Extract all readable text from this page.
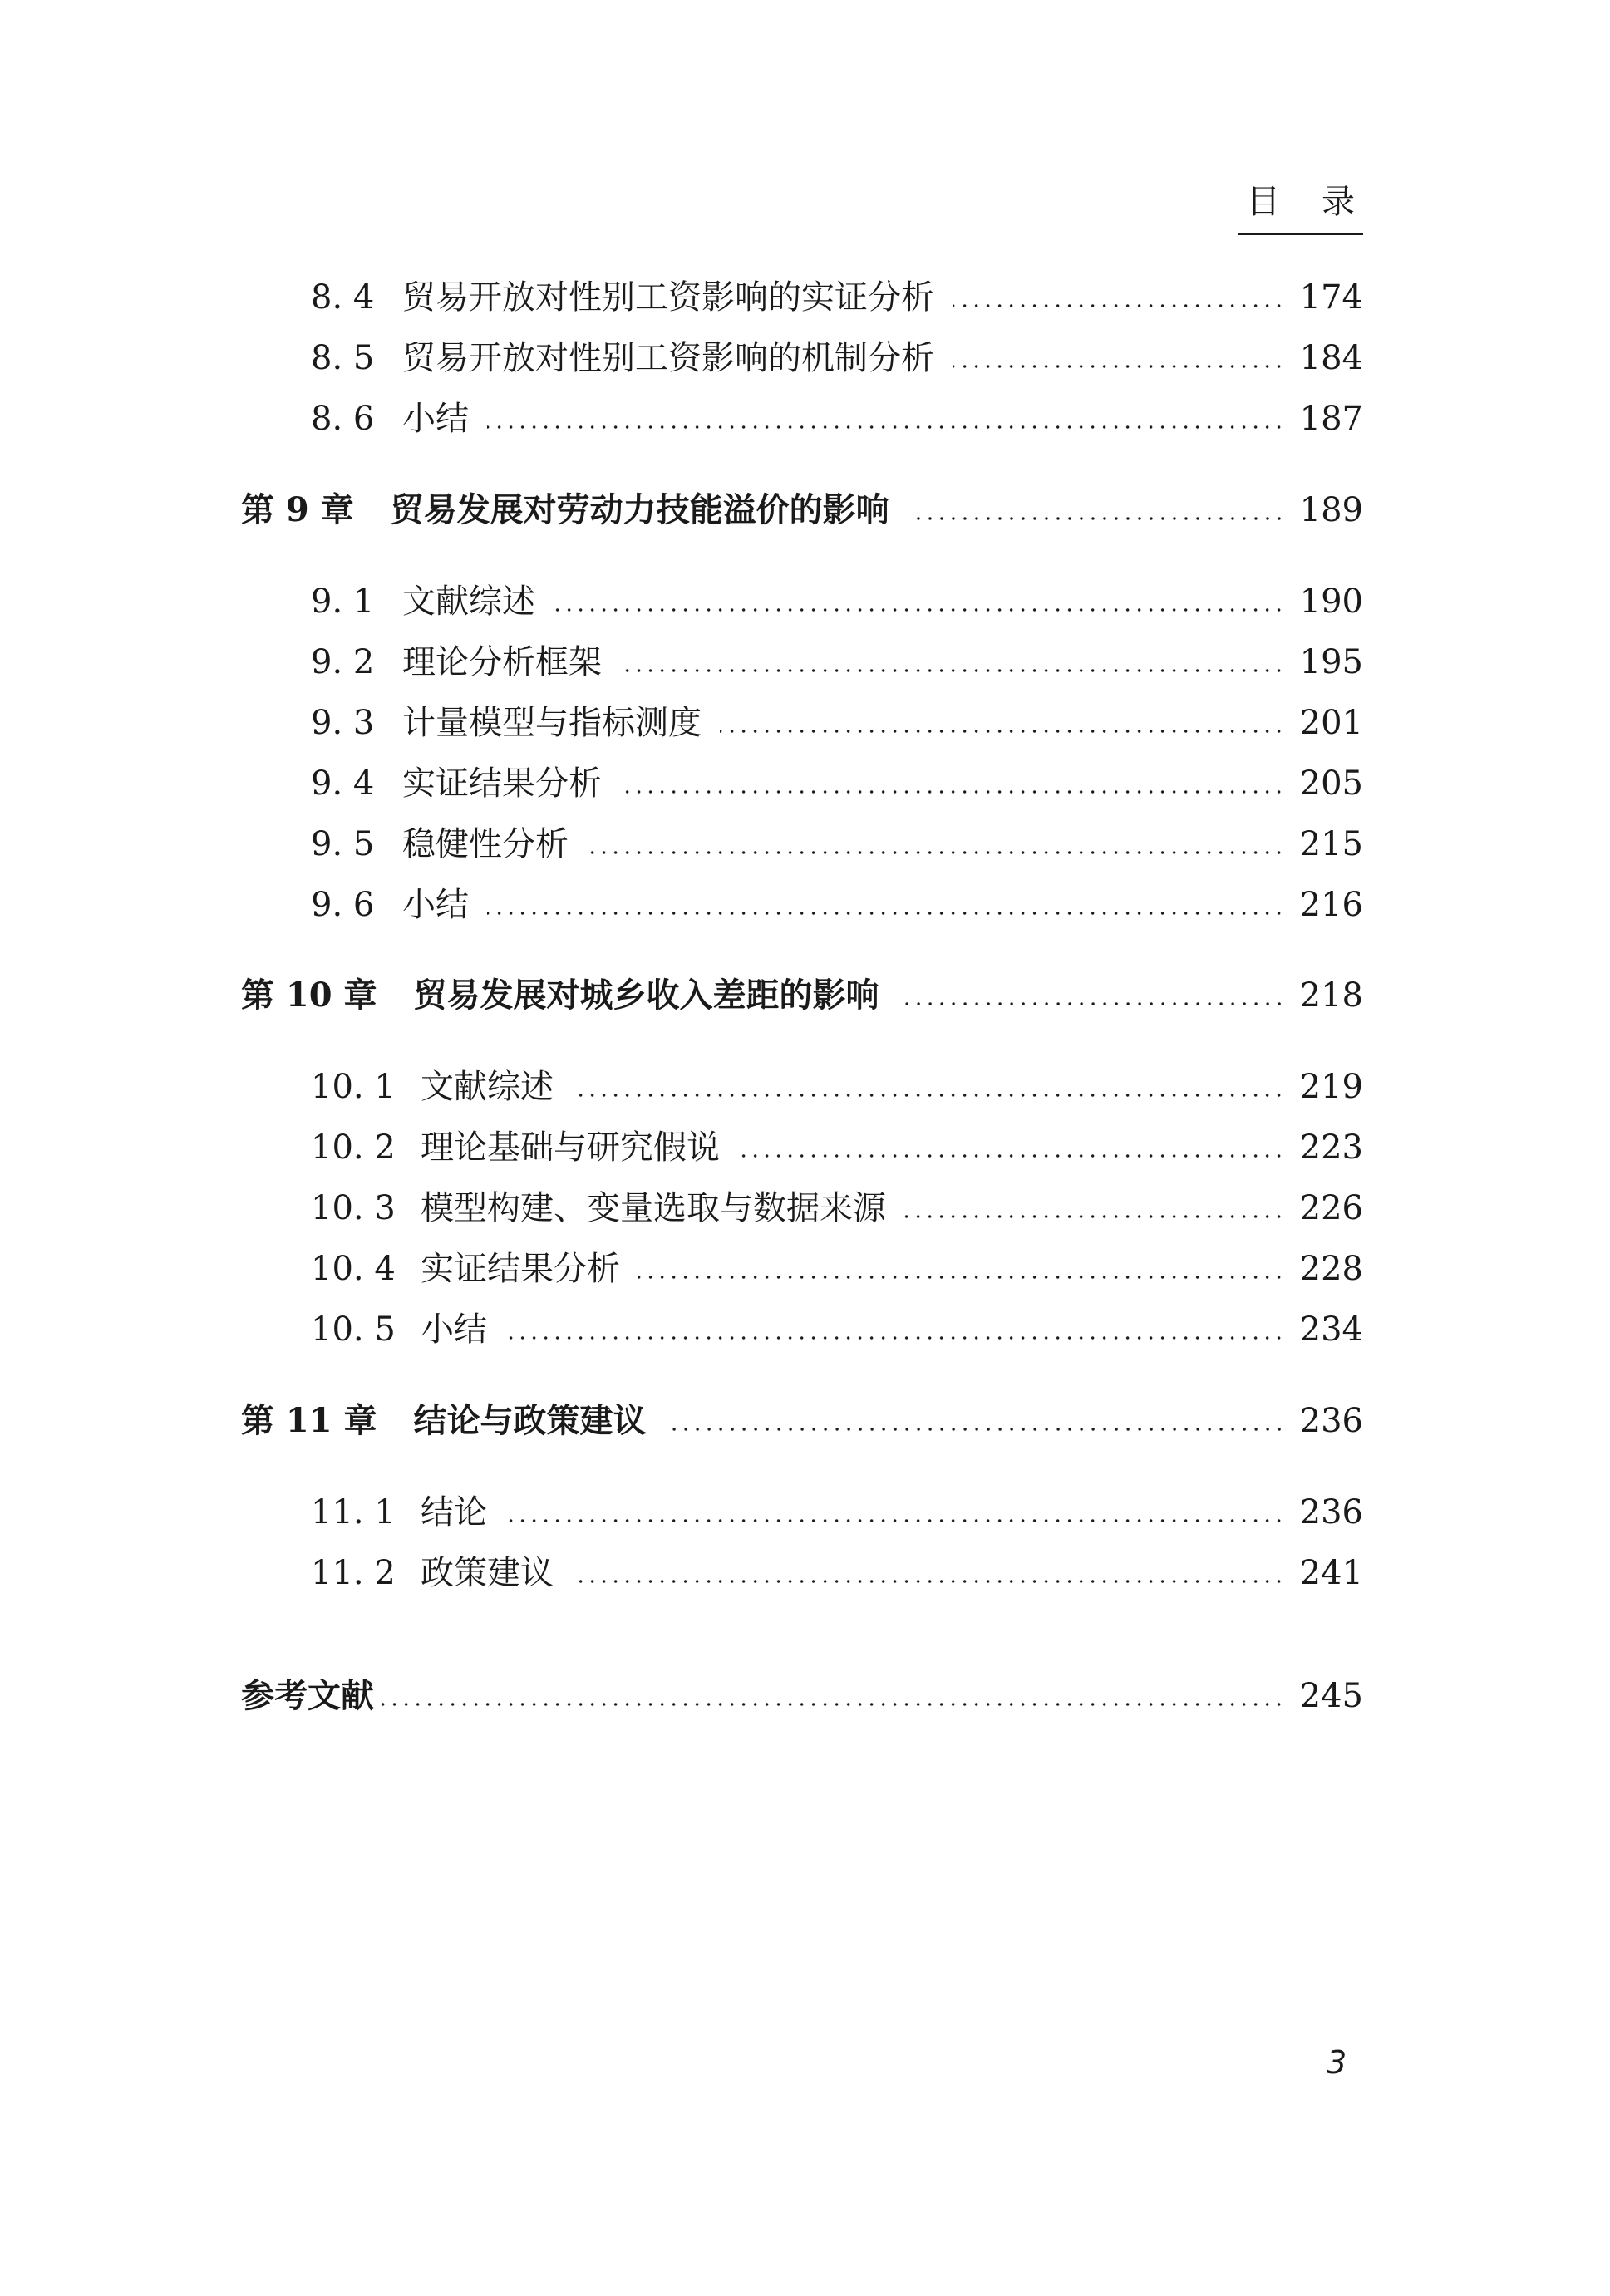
目 录
8. 4 贸易开放对性别工资影响的实证分析	174
8. 5 贸易开放对性别工资影响的机制分析	184
8. 6 小结	187
第 9 章 贸易发展对劳动力技能溢价的影响	189
9. 1 文献综述	190
9. 2 理论分析框架	195
9. 3 计量模型与指标测度	201
9. 4 实证结果分析	205
9. 5 稳健性分析	215
9. 6 小结	216
第 10 章 贸易发展对城乡收入差距的影响	218
10. 1 文献综述	219
10. 2 理论基础与研究假说	223
10. 3 模型构建、变量选取与数据来源	226
10. 4 实证结果分析	228
10. 5 小结	234
第 11 章 结论与政策建议	236
11. 1 结论	236
11. 2 政策建议	241
参考文献	245
3
